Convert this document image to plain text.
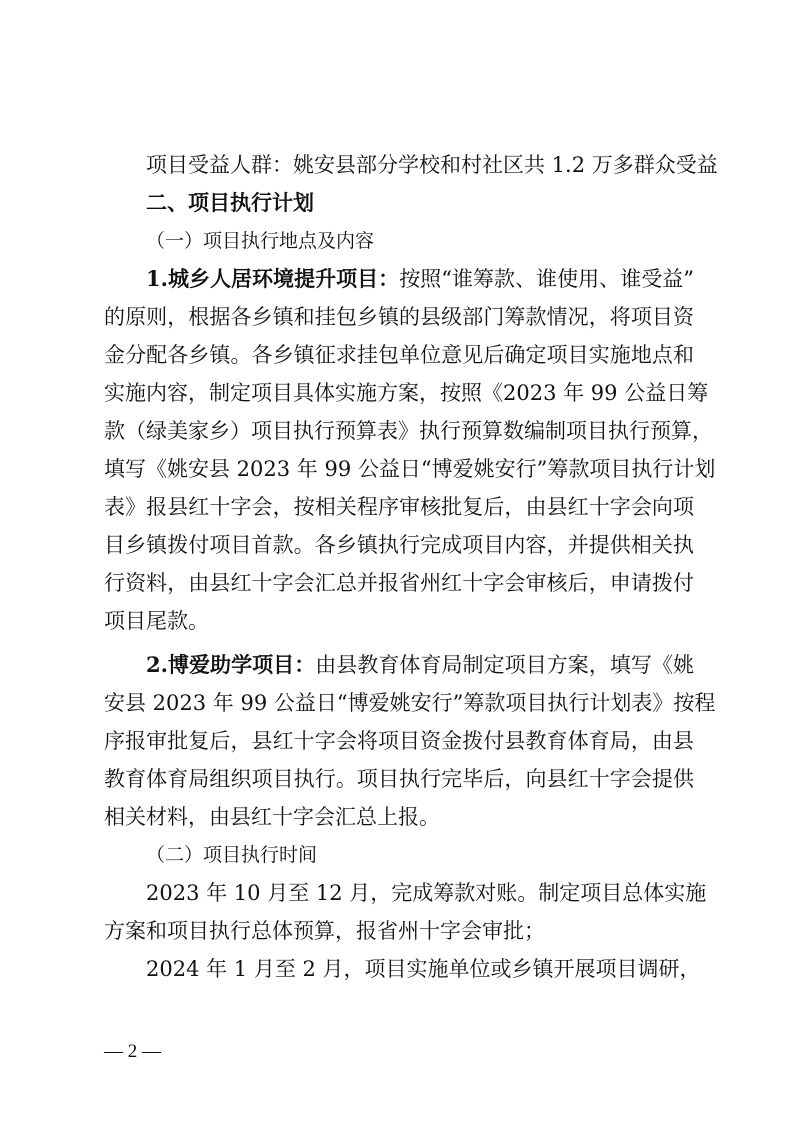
项目受益人群：姚安县部分学校和村社区共 1.2 万多群众受益
二、项目执行计划
（一）项目执行地点及内容
1.城乡人居环境提升项目：按照“谁筹款、谁使用、谁受益”
的原则，根据各乡镇和挂包乡镇的县级部门筹款情况，将项目资
金分配各乡镇。各乡镇征求挂包单位意见后确定项目实施地点和
实施内容，制定项目具体实施方案，按照《2023 年 99 公益日筹
款（绿美家乡）项目执行预算表》执行预算数编制项目执行预算，
填写《姚安县 2023 年 99 公益日“博爱姚安行”筹款项目执行计划
表》报县红十字会，按相关程序审核批复后，由县红十字会向项
目乡镇拨付项目首款。各乡镇执行完成项目内容，并提供相关执
行资料，由县红十字会汇总并报省州红十字会审核后，申请拨付
项目尾款。
2.博爱助学项目：由县教育体育局制定项目方案，填写《姚
安县 2023 年 99 公益日“博爱姚安行”筹款项目执行计划表》按程
序报审批复后，县红十字会将项目资金拨付县教育体育局，由县
教育体育局组织项目执行。项目执行完毕后，向县红十字会提供
相关材料，由县红十字会汇总上报。
（二）项目执行时间
2023 年 10 月至 12 月，完成筹款对账。制定项目总体实施
方案和项目执行总体预算，报省州十字会审批；
2024 年 1 月至 2 月，项目实施单位或乡镇开展项目调研，
— 2 —
